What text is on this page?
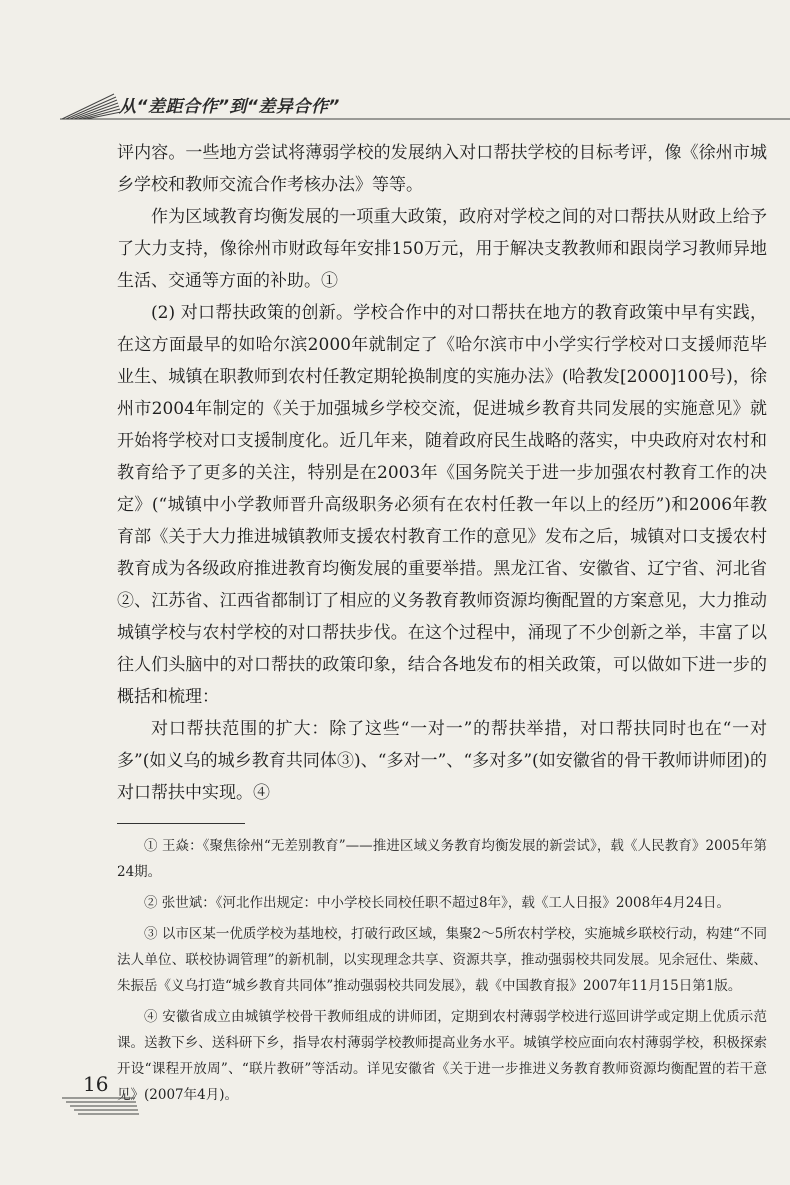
从“差距合作”到“差异合作”

评内容。一些地方尝试将薄弱学校的发展纳入对口帮扶学校的目标考评，像《徐州市城乡学校和教师交流合作考核办法》等等。

作为区域教育均衡发展的一项重大政策，政府对学校之间的对口帮扶从财政上给予了大力支持，像徐州市财政每年安排150万元，用于解决支教教师和跟岗学习教师异地生活、交通等方面的补助。①

(2) 对口帮扶政策的创新。学校合作中的对口帮扶在地方的教育政策中早有实践，在这方面最早的如哈尔滨2000年就制定了《哈尔滨市中小学实行学校对口支援师范毕业生、城镇在职教师到农村任教定期轮换制度的实施办法》(哈教发[2000]100号)，徐州市2004年制定的《关于加强城乡学校交流，促进城乡教育共同发展的实施意见》就开始将学校对口支援制度化。近几年来，随着政府民生战略的落实，中央政府对农村和教育给予了更多的关注，特别是在2003年《国务院关于进一步加强农村教育工作的决定》(“城镇中小学教师晋升高级职务必须有在农村任教一年以上的经历”)和2006年教育部《关于大力推进城镇教师支援农村教育工作的意见》发布之后，城镇对口支援农村教育成为各级政府推进教育均衡发展的重要举措。黑龙江省、安徽省、辽宁省、河北省②、江苏省、江西省都制订了相应的义务教育教师资源均衡配置的方案意见，大力推动城镇学校与农村学校的对口帮扶步伐。在这个过程中，涌现了不少创新之举，丰富了以往人们头脑中的对口帮扶的政策印象，结合各地发布的相关政策，可以做如下进一步的概括和梳理：

对口帮扶范围的扩大：除了这些“一对一”的帮扶举措，对口帮扶同时也在“一对多”(如义乌的城乡教育共同体③)、“多对一”、“多对多”(如安徽省的骨干教师讲师团)的对口帮扶中实现。④

① 王焱：《聚焦徐州“无差别教育”——推进区域义务教育均衡发展的新尝试》，载《人民教育》2005年第24期。

② 张世斌：《河北作出规定：中小学校长同校任职不超过8年》，载《工人日报》2008年4月24日。

③ 以市区某一优质学校为基地校，打破行政区域，集聚2～5所农村学校，实施城乡联校行动，构建“不同法人单位、联校协调管理”的新机制，以实现理念共享、资源共享，推动强弱校共同发展。见余冠仕、柴葳、朱振岳《义乌打造“城乡教育共同体”推动强弱校共同发展》，载《中国教育报》2007年11月15日第1版。

④ 安徽省成立由城镇学校骨干教师组成的讲师团，定期到农村薄弱学校进行巡回讲学或定期上优质示范课。送教下乡、送科研下乡，指导农村薄弱学校教师提高业务水平。城镇学校应面向农村薄弱学校，积极探索开设“课程开放周”、“联片教研”等活动。详见安徽省《关于进一步推进义务教育教师资源均衡配置的若干意见》(2007年4月)。

16
